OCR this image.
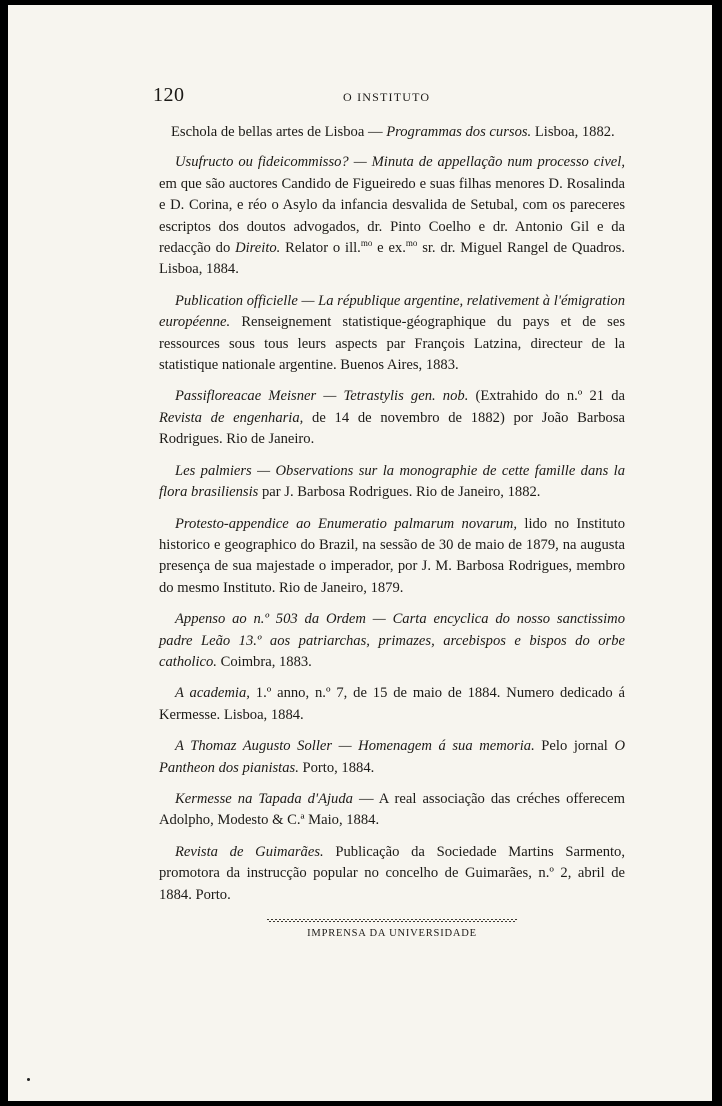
120	O INSTITUTO

Eschola de bellas artes de Lisboa — Programmas dos cursos. Lisboa, 1882.

Usufructo ou fideicommisso? — Minuta de appellação num processo civel, em que são auctores Candido de Figueiredo e suas filhas menores D. Rosalinda e D. Corina, e réo o Asylo da infancia desvalida de Setubal, com os pareceres escriptos dos doutos advogados, dr. Pinto Coelho e dr. Antonio Gil e da redacção do Direito. Relator o ill.$^{mo}$ e ex.$^{mo}$ sr. dr. Miguel Rangel de Quadros. Lisboa, 1884.

Publication officielle — La république argentine, relativement à l'émigration européenne. Renseignement statistique-géographique du pays et de ses ressources sous tous leurs aspects par François Latzina, directeur de la statistique nationale argentine. Buenos Aires, 1883.

Passifloreacae Meisner — Tetrastylis gen. nob. (Extrahido do n.º 21 da Revista de engenharia, de 14 de novembro de 1882) por João Barbosa Rodrigues. Rio de Janeiro.

Les palmiers — Observations sur la monographie de cette famille dans la flora brasiliensis par J. Barbosa Rodrigues. Rio de Janeiro, 1882.

Protesto-appendice ao Enumeratio palmarum novarum, lido no Instituto historico e geographico do Brazil, na sessão de 30 de maio de 1879, na augusta presença de sua majestade o imperador, por J. M. Barbosa Rodrigues, membro do mesmo Instituto. Rio de Janeiro, 1879.

Appenso ao n.º 503 da Ordem — Carta encyclica do nosso sanctissimo padre Leão 13.º aos patriarchas, primazes, arcebispos e bispos do orbe catholico. Coimbra, 1883.

A academia, 1.º anno, n.º 7, de 15 de maio de 1884. Numero dedicado á Kermesse. Lisboa, 1884.

A Thomaz Augusto Soller — Homenagem á sua memoria. Pelo jornal O Pantheon dos pianistas. Porto, 1884.

Kermesse na Tapada d'Ajuda — A real associação das créches offerecem Adolpho, Modesto & C.ª Maio, 1884.

Revista de Guimarães. Publicação da Sociedade Martins Sarmento, promotora da instrucção popular no concelho de Guimarães, n.º 2, abril de 1884. Porto.

IMPRENSA DA UNIVERSIDADE
